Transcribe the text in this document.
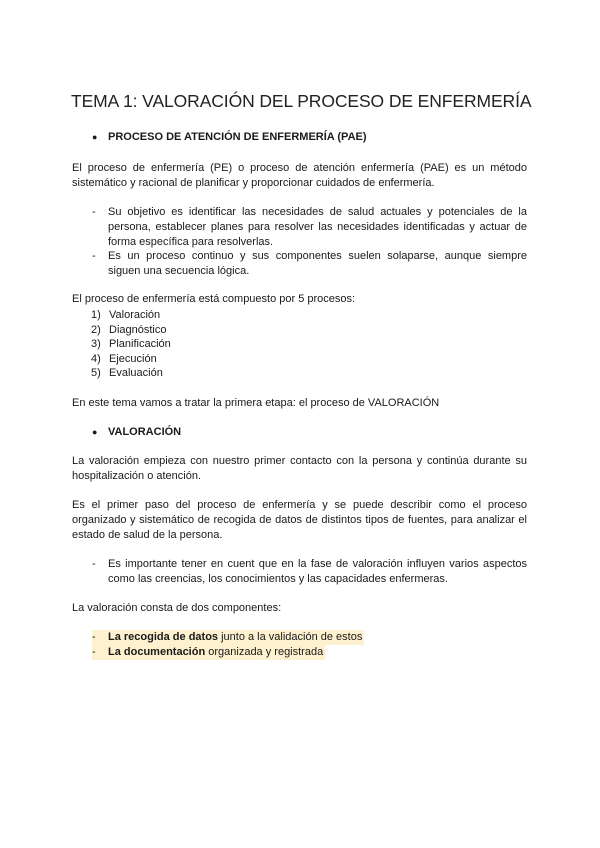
TEMA 1: VALORACIÓN DEL PROCESO DE ENFERMERÍA
● PROCESO DE ATENCIÓN DE ENFERMERÍA (PAE)
El proceso de enfermería (PE) o proceso de atención enfermería (PAE) es un método
sistemático y racional de planificar y proporcionar cuidados de enfermería.
- Su objetivo es identificar las necesidades de salud actuales y potenciales de la persona, establecer planes para resolver las necesidades identificadas y actuar de forma específica para resolverlas.
- Es un proceso continuo y sus componentes suelen solaparse, aunque siempre siguen una secuencia lógica.
El proceso de enfermería está compuesto por 5 procesos:
1) Valoración
2) Diagnóstico
3) Planificación
4) Ejecución
5) Evaluación
En este tema vamos a tratar la primera etapa: el proceso de VALORACIÓN
● VALORACIÓN
La valoración empieza con nuestro primer contacto con la persona y continúa durante su hospitalización o atención.
Es el primer paso del proceso de enfermería y se puede describir como el proceso organizado y sistemático de recogida de datos de distintos tipos de fuentes, para analizar el estado de salud de la persona.
- Es importante tener en cuent que en la fase de valoración influyen varios aspectos como las creencias, los conocimientos y las capacidades enfermeras.
La valoración consta de dos componentes:
- La recogida de datos junto a la validación de estos
- La documentación organizada y registrada
